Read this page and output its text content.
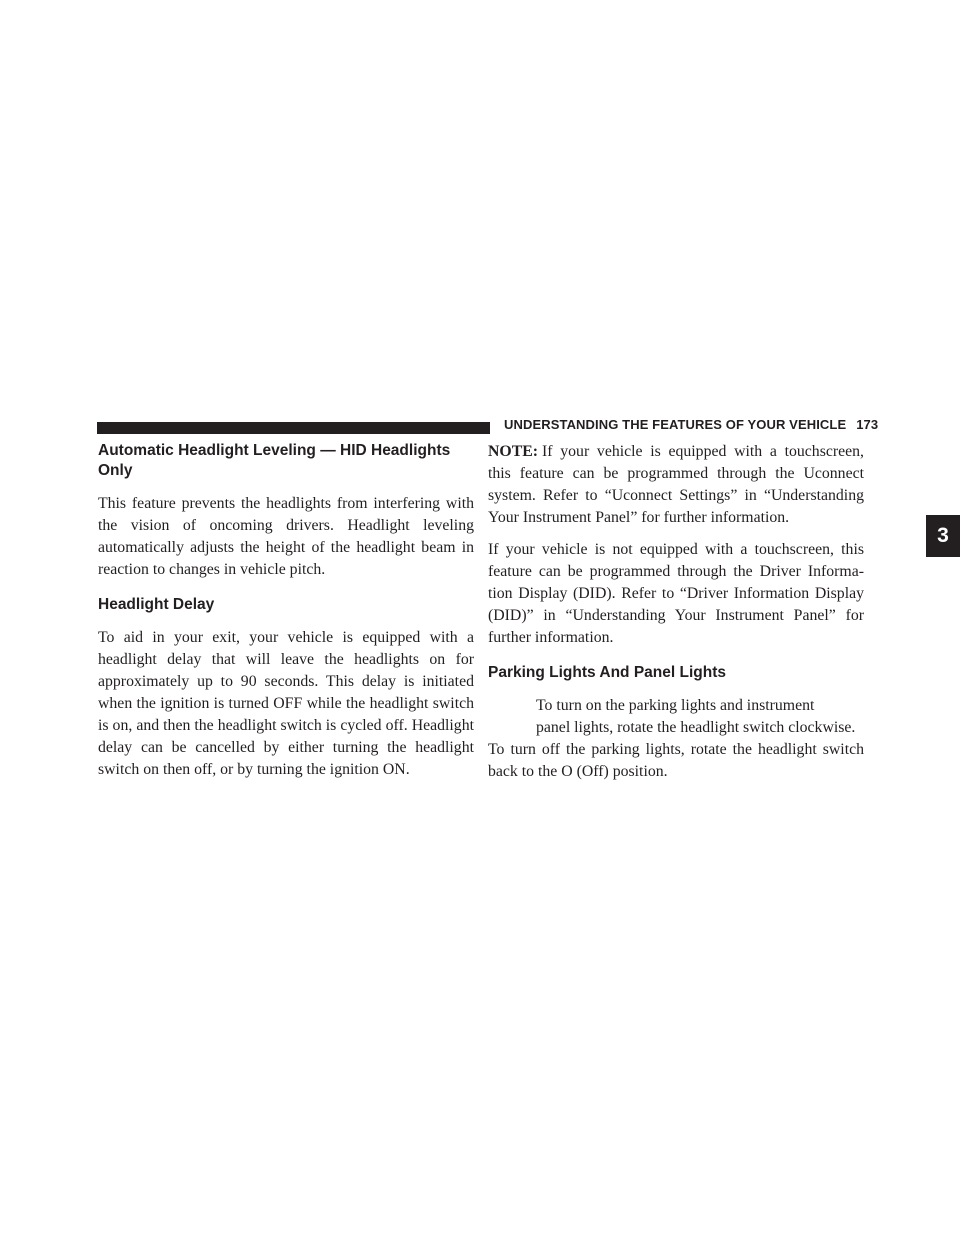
UNDERSTANDING THE FEATURES OF YOUR VEHICLE 173
3
Automatic Headlight Leveling — HID Headlights Only

This feature prevents the headlights from interfering with the vision of oncoming drivers. Headlight leveling automatically adjusts the height of the headlight beam in reaction to changes in vehicle pitch.

Headlight Delay

To aid in your exit, your vehicle is equipped with a headlight delay that will leave the headlights on for approximately up to 90 seconds. This delay is initiated when the ignition is turned OFF while the headlight switch is on, and then the headlight switch is cycled off. Headlight delay can be cancelled by either turning the headlight switch on then off, or by turning the ignition ON.

NOTE: If your vehicle is equipped with a touchscreen, this feature can be programmed through the Uconnect system. Refer to “Uconnect Settings” in “Understanding Your Instrument Panel” for further information.

If your vehicle is not equipped with a touchscreen, this feature can be programmed through the Driver Informa-tion Display (DID). Refer to “Driver Information Display (DID)” in “Understanding Your Instrument Panel” for further information.

Parking Lights And Panel Lights

To turn on the parking lights and instrument

panel lights, rotate the headlight switch clockwise.

To turn off the parking lights, rotate the headlight switch back to the O (Off) position.
